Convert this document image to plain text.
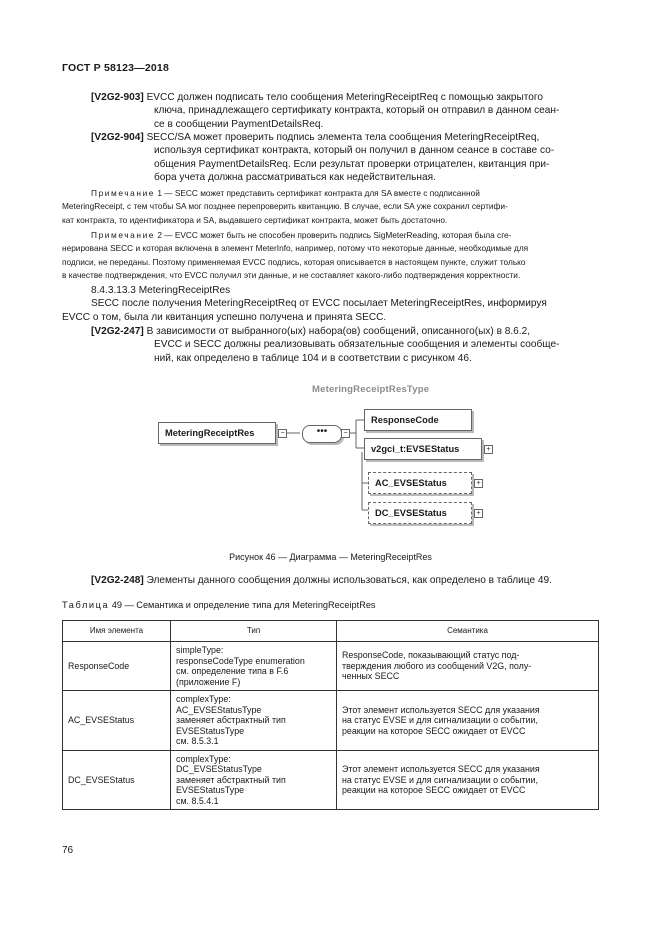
ГОСТ Р 58123—2018
[V2G2-903] EVCC должен подписать тело сообщения MeteringReceiptReq с помощью закрытого
ключа, принадлежащего сертификату контракта, который он отправил в данном сеан-
се в сообщении PaymentDetailsReq.
[V2G2-904] SECC/SA может проверить подпись элемента тела сообщения MeteringReceiptReq,
используя сертификат контракта, который он получил в данном сеансе в составе со-
общения PaymentDetailsReq. Если результат проверки отрицателен, квитанция при-
бора учета должна рассматриваться как недействительная.
Примечание 1 — SECC может представить сертификат контракта для SA вместе с подписанной
MeteringReceipt, с тем чтобы SA мог позднее перепроверить квитанцию. В случае, если SA уже сохранил сертифи-
кат контракта, то идентификатора и SA, выдавшего сертификат контракта, может быть достаточно.
Примечание 2 — EVCC может быть не способен проверить подпись SigMeterReading, которая была сге-
нерирована SECC и которая включена в элемент MeterInfo, например, потому что некоторые данные, необходимые для
подписи, не переданы. Поэтому применяемая EVCC подпись, которая описывается в настоящем пункте, служит только
в качестве подтверждения, что EVCC получил эти данные, и не составляет какого-либо подтверждения корректности.
8.4.3.13.3 MeteringReceiptRes
SECC после получения MeteringReceiptReq от EVCC посылает MeteringReceiptRes, информируя
EVCC о том, была ли квитанция успешно получена и принята SECC.
[V2G2-247] В зависимости от выбранного(ых) набора(ов) сообщений, описанного(ых) в 8.6.2,
EVCC и SECC должны реализовывать обязательные сообщения и элементы сообще-
ний, как определено в таблице 104 и в соответствии с рисунком 46.
MeteringReceiptResType
MeteringReceiptRes	−	•••	−
ResponseCode
v2gci_t:EVSEStatus	+
AC_EVSEStatus	+
DC_EVSEStatus	+
Рисунок 46 — Диаграмма — MeteringReceiptRes
[V2G2-248] Элементы данного сообщения должны использоваться, как определено в таблице 49.
Таблица 49 — Семантика и определение типа для MeteringReceiptRes
Имя элемента	Тип	Семантика
ResponseCode	simpleType:
responseCodeType enumeration
см. определение типа в F.6
(приложение F)	ResponseCode, показывающий статус под-
тверждения любого из сообщений V2G, полу-
ченных SECC

AC_EVSEStatus	complexType:
AC_EVSEStatusType
заменяет абстрактный тип
EVSEStatusType
см. 8.5.3.1	Этот элемент используется SECC для указания
на статус EVSE и для сигнализации о событии,
реакции на которое SECC ожидает от EVCC

DC_EVSEStatus	complexType:
DC_EVSEStatusType
заменяет абстрактный тип
EVSEStatusType
см. 8.5.4.1	Этот элемент используется SECC для указания
на статус EVSE и для сигнализации о событии,
реакции на которое SECC ожидает от EVCC
76
